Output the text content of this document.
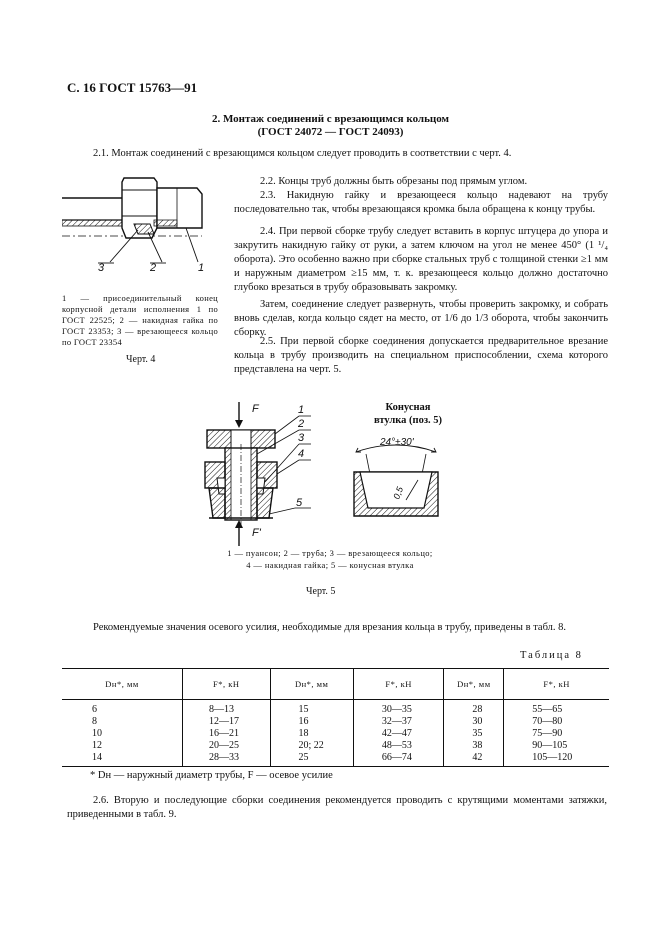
С. 16 ГОСТ 15763—91
2. Монтаж соединений с врезающимся кольцом
(ГОСТ 24072 — ГОСТ 24093)
2.1. Монтаж соединений с врезающимся кольцом следует проводить в соответствии с черт. 4.
3	2	1
1 — присоединительный конец корпусной детали исполнения 1 по ГОСТ 22525; 2 — накидная гайка по ГОСТ 23353; 3 — врезающееся кольцо по ГОСТ 23354
Черт. 4
2.2. Концы труб должны быть обрезаны под прямым углом.
2.3. Накидную гайку и врезающееся кольцо надевают на трубу последовательно так, чтобы врезающаяся кромка была обращена к концу трубы.
2.4. При первой сборке трубу следует вставить в корпус штуцера до упора и закрутить накидную гайку от руки, а затем ключом на угол не менее 450° (1 ¹/₄ оборота). Это особенно важно при сборке стальных труб с толщиной стенки ≥1 мм и наружным диаметром ≥15 мм, т. к. врезающееся кольцо должно достаточно глубоко врезаться в трубу образовывать закромку.
Затем, соединение следует развернуть, чтобы проверить закромку, и собрать вновь сделав, когда кольцо сядет на место, от 1/6 до 1/3 оборота, чтобы закончить сборку.
2.5. При первой сборке соединения допускается предварительное врезание кольца в трубу производить на специальном приспособлении, схема которого представлена на черт. 5.
F
F'
1
2
3
4
5
Конусная
втулка (поз. 5)
24°±30'
0,5
1 — пуансон; 2 — труба; 3 — врезающееся кольцо;
4 — накидная гайка; 5 — конусная втулка
Черт. 5
Рекомендуемые значения осевого усилия, необходимые для врезания кольца в трубу, приведены в табл. 8.
Таблица 8
Dн*, мм	F*, кН	Dн*, мм	F*, кН	Dн*, мм	F*, кН
6	8—13	15	30—35	28	55—65
8	12—17	16	32—37	30	70—80
10	16—21	18	42—47	35	75—90
12	20—25	20; 22	48—53	38	90—105
14	28—33	25	66—74	42	105—120
* Dн — наружный диаметр трубы, F — осевое усилие
2.6. Вторую и последующие сборки соединения рекомендуется проводить с крутящими моментами затяжки, приведенными в табл. 9.
